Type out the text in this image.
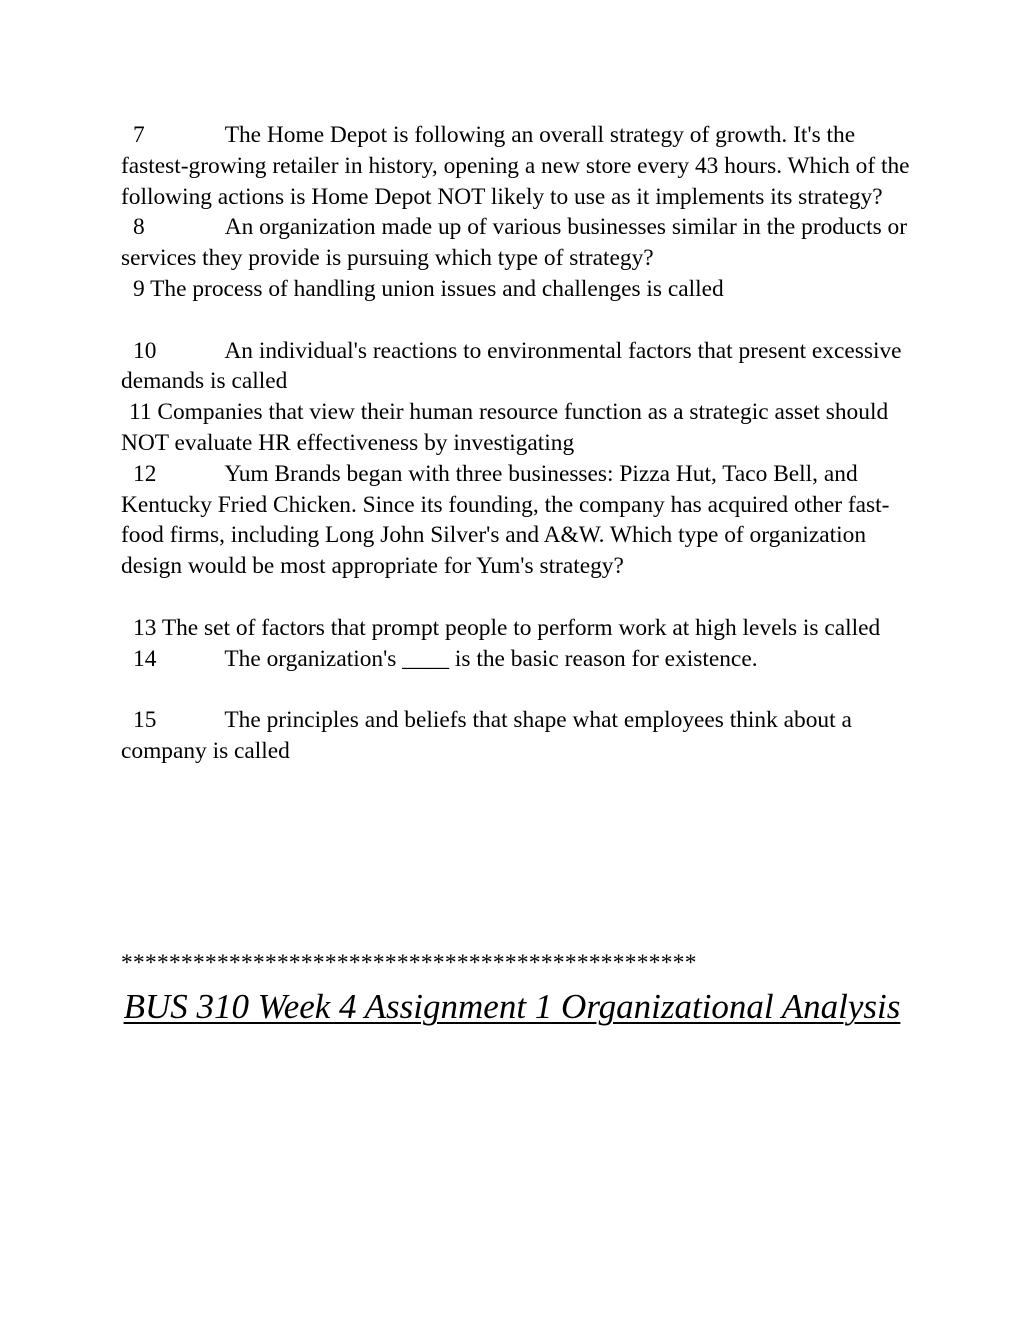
7	The Home Depot is following an overall strategy of growth. It's the fastest-growing retailer in history, opening a new store every 43 hours. Which of the following actions is Home Depot NOT likely to use as it implements its strategy?

8	An organization made up of various businesses similar in the products or services they provide is pursuing which type of strategy?

9 The process of handling union issues and challenges is called

10	An individual's reactions to environmental factors that present excessive demands is called

11 Companies that view their human resource function as a strategic asset should NOT evaluate HR effectiveness by investigating

12	Yum Brands began with three businesses: Pizza Hut, Taco Bell, and Kentucky Fried Chicken. Since its founding, the company has acquired other fast-food firms, including Long John Silver's and A&W. Which type of organization design would be most appropriate for Yum's strategy?

13 The set of factors that prompt people to perform work at high levels is called

14	The organization's ____ is the basic reason for existence.

15	The principles and beliefs that shape what employees think about a company is called

************************************************
BUS 310 Week 4 Assignment 1 Organizational Analysis
